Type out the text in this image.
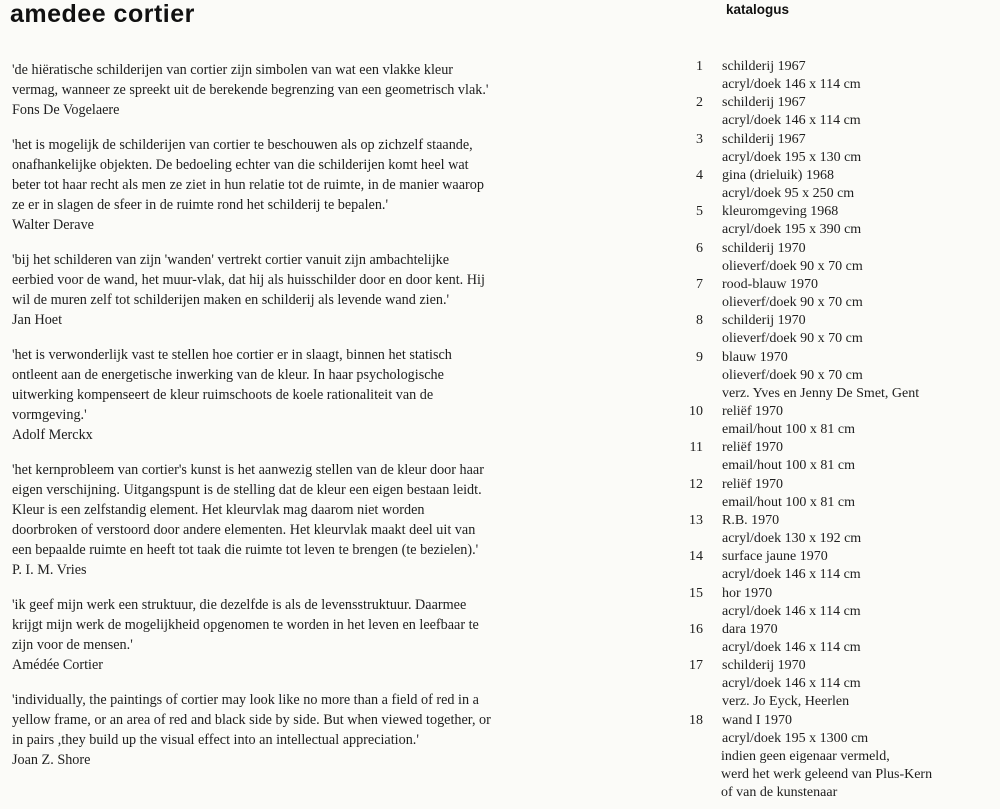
amedee cortier	katalogus
'de hiëratische schilderijen van cortier zijn simbolen van wat een vlakke kleur
vermag, wanneer ze spreekt uit de berekende begrenzing van een geometrisch vlak.'
Fons De Vogelaere
'het is mogelijk de schilderijen van cortier te beschouwen als op zichzelf staande,
onafhankelijke objekten. De bedoeling echter van die schilderijen komt heel wat
beter tot haar recht als men ze ziet in hun relatie tot de ruimte, in de manier waarop
ze er in slagen de sfeer in de ruimte rond het schilderij te bepalen.'
Walter Derave
'bij het schilderen van zijn 'wanden' vertrekt cortier vanuit zijn ambachtelijke
eerbied voor de wand, het muur-vlak, dat hij als huisschilder door en door kent. Hij
wil de muren zelf tot schilderijen maken en schilderij als levende wand zien.'
Jan Hoet
'het is verwonderlijk vast te stellen hoe cortier er in slaagt, binnen het statisch
ontleent aan de energetische inwerking van de kleur. In haar psychologische
uitwerking kompenseert de kleur ruimschoots de koele rationaliteit van de
vormgeving.'
Adolf Merckx
'het kernprobleem van cortier's kunst is het aanwezig stellen van de kleur door haar
eigen verschijning. Uitgangspunt is de stelling dat de kleur een eigen bestaan leidt.
Kleur is een zelfstandig element. Het kleurvlak mag daarom niet worden
doorbroken of verstoord door andere elementen. Het kleurvlak maakt deel uit van
een bepaalde ruimte en heeft tot taak die ruimte tot leven te brengen (te bezielen).'
P. I. M. Vries
'ik geef mijn werk een struktuur, die dezelfde is als de levensstruktuur. Daarmee
krijgt mijn werk de mogelijkheid opgenomen te worden in het leven en leefbaar te
zijn voor de mensen.'
Amédée Cortier
'individually, the paintings of cortier may look like no more than a field of red in a
yellow frame, or an area of red and black side by side. But when viewed together, or
in pairs ,they build up the visual effect into an intellectual appreciation.'
Joan Z. Shore
1 schilderij 1967
acryl/doek 146 x 114 cm
2 schilderij 1967
acryl/doek 146 x 114 cm
3 schilderij 1967
acryl/doek 195 x 130 cm
4 gina (drieluik) 1968
acryl/doek 95 x 250 cm
5 kleuromgeving 1968
acryl/doek 195 x 390 cm
6 schilderij 1970
olieverf/doek 90 x 70 cm
7 rood-blauw 1970
olieverf/doek 90 x 70 cm
8 schilderij 1970
olieverf/doek 90 x 70 cm
9 blauw 1970
olieverf/doek 90 x 70 cm
verz. Yves en Jenny De Smet, Gent
10 reliëf 1970
email/hout 100 x 81 cm
11 reliëf 1970
email/hout 100 x 81 cm
12 reliëf 1970
email/hout 100 x 81 cm
13 R.B. 1970
acryl/doek 130 x 192 cm
14 surface jaune 1970
acryl/doek 146 x 114 cm
15 hor 1970
acryl/doek 146 x 114 cm
16 dara 1970
acryl/doek 146 x 114 cm
17 schilderij 1970
acryl/doek 146 x 114 cm
verz. Jo Eyck, Heerlen
18 wand I 1970
acryl/doek 195 x 1300 cm
indien geen eigenaar vermeld,
werd het werk geleend van Plus-Kern
of van de kunstenaar
